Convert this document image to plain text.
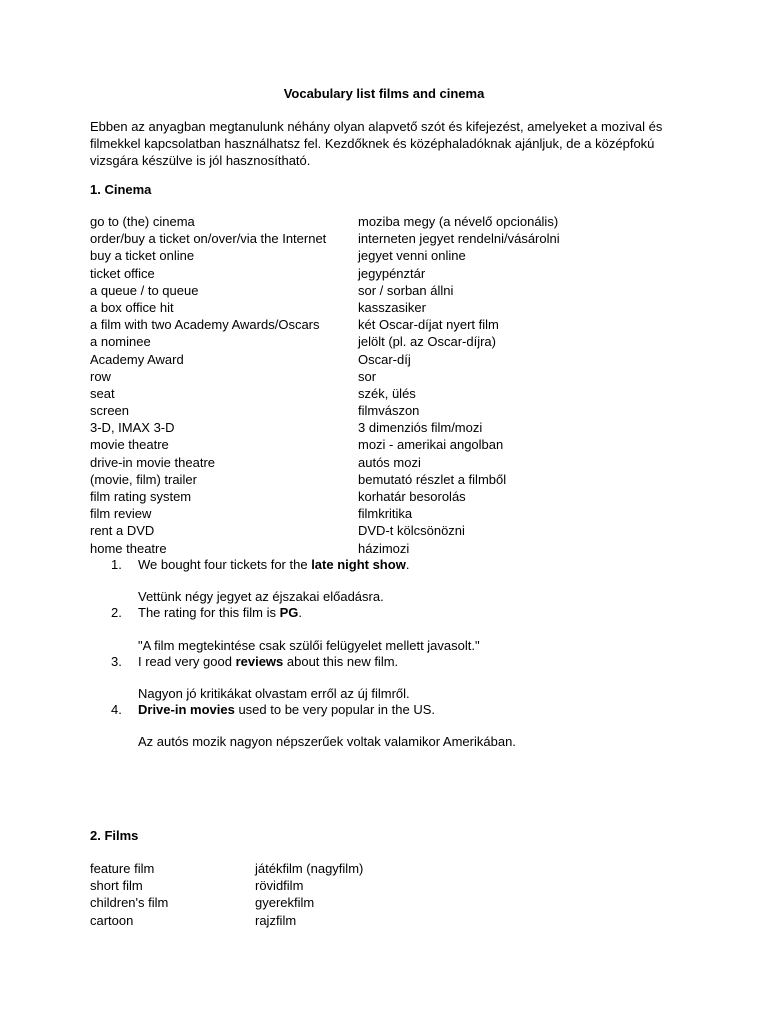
Vocabulary list films and cinema
Ebben az anyagban megtanulunk néhány olyan alapvető szót és kifejezést, amelyeket a mozival és filmekkel kapcsolatban használhatsz fel. Kezdőknek és középhaladóknak ajánljuk, de a középfokú vizsgára készülve is jól hasznosítható.
1. Cinema
go to (the) cinema	moziba megy (a névelő opcionális)
order/buy a ticket on/over/via the Internet	interneten jegyet rendelni/vásárolni
buy a ticket online	jegyet venni online
ticket office	jegypénztár
a queue / to queue	sor / sorban állni
a box office hit	kasszasiker
a film with two Academy Awards/Oscars	két Oscar-díjat nyert film
a nominee	jelölt (pl. az Oscar-díjra)
Academy Award	Oscar-díj
row	sor
seat	szék, ülés
screen	filmvászon
3-D, IMAX 3-D	3 dimenziós film/mozi
movie theatre	mozi - amerikai angolban
drive-in movie theatre	autós mozi
(movie, film) trailer	bemutató részlet a filmből
film rating system	korhatár besorolás
film review	filmkritika
rent a DVD	DVD-t kölcsönözni
home theatre	házimozi
1. We bought four tickets for the late night show.
Vettünk négy jegyet az éjszakai előadásra.
2. The rating for this film is PG.
"A film megtekintése csak szülői felügyelet mellett javasolt."
3. I read very good reviews about this new film.
Nagyon jó kritikákat olvastam erről az új filmről.
4. Drive-in movies used to be very popular in the US.
Az autós mozik nagyon népszerűek voltak valamikor Amerikában.
2. Films
feature film	játékfilm (nagyfilm)
short film	rövidfilm
children's film	gyerekfilm
cartoon	rajzfilm
